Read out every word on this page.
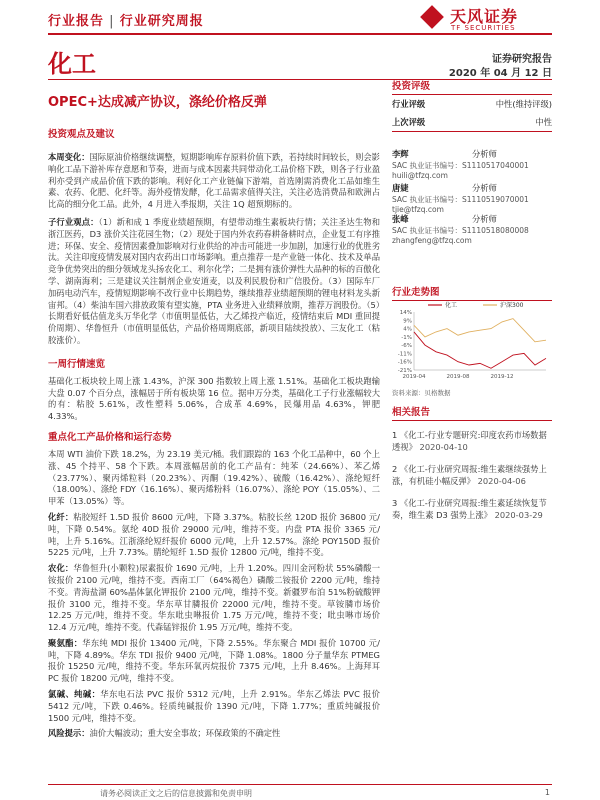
行业报告 | 行业研究周报	天风证券
TF SECURITIES
化工	证券研究报告
2020 年 04 月 12 日
OPEC+达成减产协议，涤纶价格反弹
投资观点及建议
本周变化：国际原油价格继续调整，短期影响库存原料价值下跌，若持续时间较长，则会影响化工品下游补库存意愿和节奏，进而与成本因素共同带动化工品价格下跌，则各子行业盈利亦受到产成品价值下跌的影响。利好化工产业链偏下游端，首选刚需消费化工品如维生素、农药、化肥、化纤等。海外疫情发酵，化工品需求值得关注，关注必选消费品和欧洲占比高的细分化工品。此外，4 月进入季报期，关注 1Q 超预期标的。
子行业观点：（1）新和成 1 季度业绩超预期，有望带动维生素板块行情；关注圣达生物和浙江医药，D3 涨价关注花园生物；（2）现处于国内外农药春耕备耕时点，企业复工有序推进；环保、安全、疫情因素叠加影响对行业供给的冲击可能进一步加剧，加速行业的优胜劣汰。关注印度疫情发展对国内农药出口市场影响。重点推荐一是产业链一体化、技术及单品竞争优势突出的细分领域龙头扬农化工、利尔化学；二是拥有涨价弹性大品种的标的百傲化学、湖南海利；三是建议关注制剂企业安道麦，以及利民股份和广信股份。（3）国际车厂加码电动汽车，疫情短期影响不改行业中长期趋势，继续推荐业绩超预期的锂电材料龙头新宙邦。（4）柴油车国六排放政策有望实施，PTA 业务进入业绩释放期，推荐万润股份。（5）长期看好低估值龙头万华化学（市值明显低估，大乙烯投产临近，疫情结束后 MDI 重回提价周期）、华鲁恒升（市值明显低估，产品价格周期底部，新项目陆续投放）、三友化工（粘胶涨价）。
一周行情速览
基础化工板块较上周上涨 1.43%，沪深 300 指数较上周上涨 1.51%。基础化工板块跑输大盘 0.07 个百分点，涨幅居于所有板块第 16 位。据申万分类，基础化工子行业涨幅较大的有：粘胶 5.61%，改性塑料 5.06%，合成革 4.69%，民爆用品 4.63%，钾肥 4.33%。
重点化工产品价格和运行态势
本周 WTI 油价下跌 18.2%，为 23.19 美元/桶。我们跟踪的 163 个化工品种中，60 个上涨、45 个持平、58 个下跌。本周涨幅居前的化工产品有：纯苯（24.66%）、苯乙烯（23.77%）、聚丙烯粒料（20.23%）、丙酮（19.42%）、硫酸（16.42%）、涤纶短纤（18.00%）、涤纶 FDY（16.16%）、聚丙烯粉料（16.07%）、涤纶 POY（15.05%）、二甲苯（13.05%）等。
化纤：粘胶短纤 1.5D 报价 8600 元/吨，下降 3.37%。粘胶长丝 120D 报价 36800 元/吨，下降 0.54%。氨纶 40D 报价 29000 元/吨，维持不变。内盘 PTA 报价 3365 元/吨，上升 5.16%。江浙涤纶短纤报价 6000 元/吨，上升 12.57%。涤纶 POY150D 报价 5225 元/吨，上升 7.73%。腈纶短纤 1.5D 报价 12800 元/吨，维持不变。
农化：华鲁恒升(小颗粒)尿素报价 1690 元/吨，上升 1.20%。四川金河粉状 55%磷酸一铵报价 2100 元/吨，维持不变。西南工厂（64%褐色）磷酸二铵报价 2200 元/吨，维持不变。青海盐湖 60%晶体氯化钾报价 2100 元/吨，维持不变。新疆罗布泊 51%粉硫酸钾报价 3100 元，维持不变。华东草甘膦报价 22000 元/吨，维持不变。草铵膦市场价 12.25 万元/吨，维持不变。华东吡虫啉报价 1.75 万元/吨，维持不变；吡虫啉市场价 12.4 万元/吨，维持不变。代森锰锌报价 1.95 万元/吨，维持不变。
聚氨酯：华东纯 MDI 报价 13400 元/吨，下降 2.55%。华东聚合 MDI 报价 10700 元/吨，下降 4.89%。华东 TDI 报价 9400 元/吨，下降 1.08%。1800 分子量华东 PTMEG 报价 15250 元/吨，维持不变。华东环氧丙烷报价 7375 元/吨，上升 8.46%。上海拜耳 PC 报价 18200 元/吨，维持不变。
氯碱、纯碱：华东电石法 PVC 报价 5312 元/吨，上升 2.91%。华东乙烯法 PVC 报价 5412 元/吨，下跌 0.46%。轻质纯碱报价 1390 元/吨，下降 1.77%；重质纯碱报价 1500 元/吨，维持不变。
风险提示：油价大幅波动；重大安全事故；环保政策的不确定性
投资评级
行业评级	中性(维持评级)
上次评级	中性
李辉	分析师
SAC 执业证书编号：S1110517040001
huili@tfzq.com
唐婕	分析师
SAC 执业证书编号：S1110519070001
tjie@tfzq.com
张峰	分析师
SAC 执业证书编号：S1110518080008
zhangfeng@tfzq.com
行业走势图
14%
9%
4%
-1%
-6%
-11%
-16%
-21%
2019-04	2019-08	2019-12
化工	沪深300
资料来源：贝格数据
相关报告
1 《化工-行业专题研究:印度农药市场数据透视》 2020-04-10
2 《化工-行业研究周报:维生素继续强势上涨，有机硅小幅反弹》 2020-04-06
3 《化工-行业研究周报:维生素延续恢复节奏，维生素 D3 强势上涨》 2020-03-29
请务必阅读正文之后的信息披露和免责申明	1
